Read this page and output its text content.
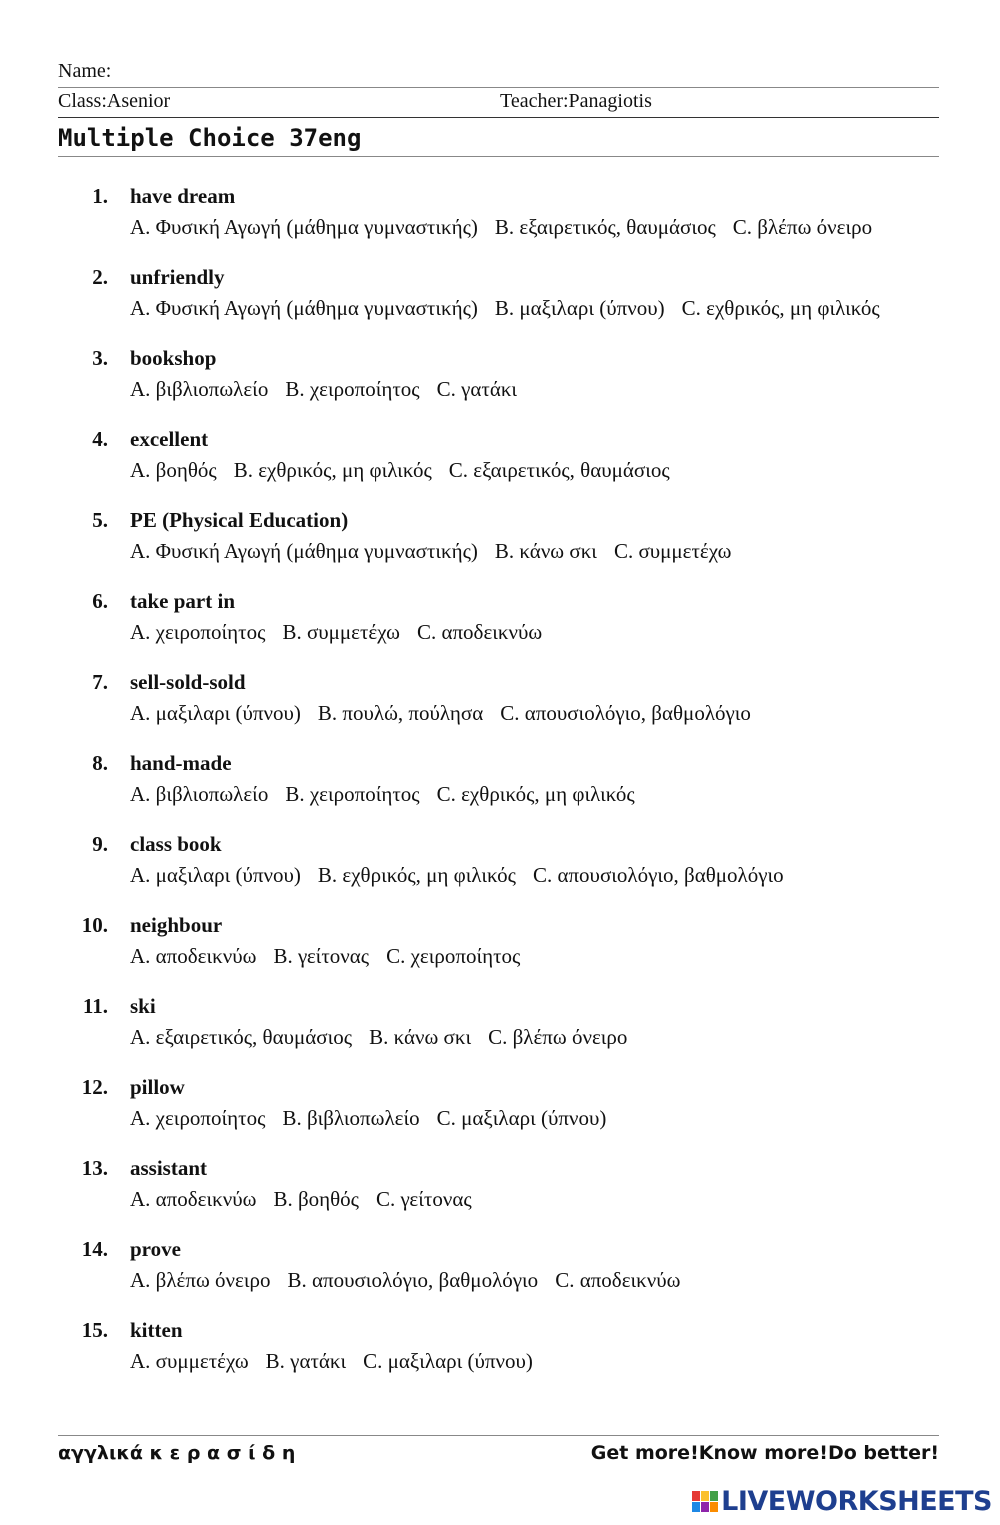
Name:
Class:Asenior	Teacher:Panagiotis
Multiple Choice 37eng
1. have dream
A. Φυσική Αγωγή (μάθημα γυμναστικής) B. εξαιρετικός, θαυμάσιος C. βλέπω όνειρο
2. unfriendly
A. Φυσική Αγωγή (μάθημα γυμναστικής) B. μαξιλαρι (ύπνου) C. εχθρικός, μη φιλικός
3. bookshop
A. βιβλιοπωλείο B. χειροποίητος C. γατάκι
4. excellent
A. βοηθός B. εχθρικός, μη φιλικός C. εξαιρετικός, θαυμάσιος
5. PE (Physical Education)
A. Φυσική Αγωγή (μάθημα γυμναστικής) B. κάνω σκι C. συμμετέχω
6. take part in
A. χειροποίητος B. συμμετέχω C. αποδεικνύω
7. sell-sold-sold
A. μαξιλαρι (ύπνου) B. πουλώ, πούλησα C. απουσιολόγιο, βαθμολόγιο
8. hand-made
A. βιβλιοπωλείο B. χειροποίητος C. εχθρικός, μη φιλικός
9. class book
A. μαξιλαρι (ύπνου) B. εχθρικός, μη φιλικός C. απουσιολόγιο, βαθμολόγιο
10. neighbour
A. αποδεικνύω B. γείτονας C. χειροποίητος
11. ski
A. εξαιρετικός, θαυμάσιος B. κάνω σκι C. βλέπω όνειρο
12. pillow
A. χειροποίητος B. βιβλιοπωλείο C. μαξιλαρι (ύπνου)
13. assistant
A. αποδεικνύω B. βοηθός C. γείτονας
14. prove
A. βλέπω όνειρο B. απουσιολόγιο, βαθμολόγιο C. αποδεικνύω
15. kitten
A. συμμετέχω B. γατάκι C. μαξιλαρι (ύπνου)
αγγλικά κ ε ρ α σ ί δ η	Get more!Know more!Do better!
LIVEWORKSHEETS
